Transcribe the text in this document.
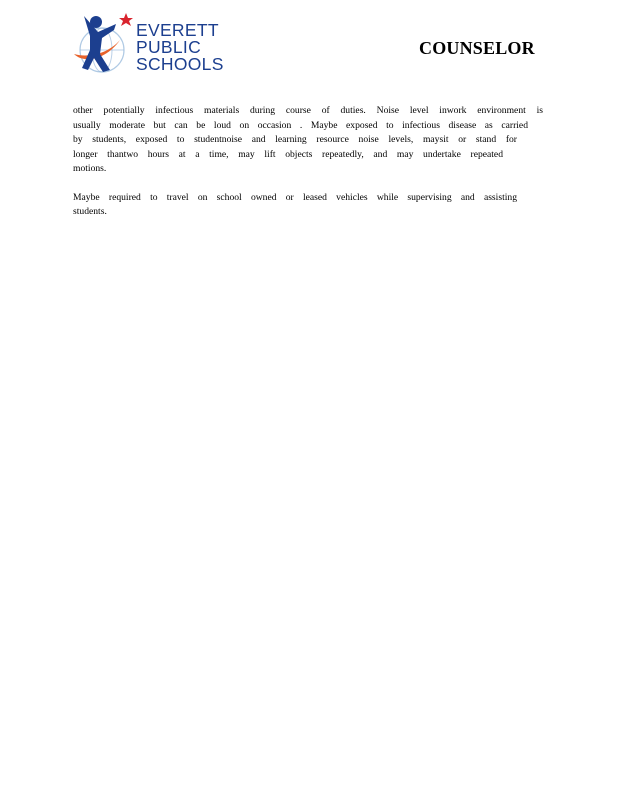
EVERETT
PUBLIC
SCHOOLS
COUNSELOR
other potentially infectious materials during course of duties. Noise level inwork environment is
usually moderate but can be loud on occasion . Maybe exposed to infectious disease as carried
by students, exposed to studentnoise and learning resource noise levels, maysit or stand for
longer thantwo hours at a time, may lift objects repeatedly, and may undertake repeated
motions.
Maybe required to travel on school owned or leased vehicles while supervising and assisting
students.
